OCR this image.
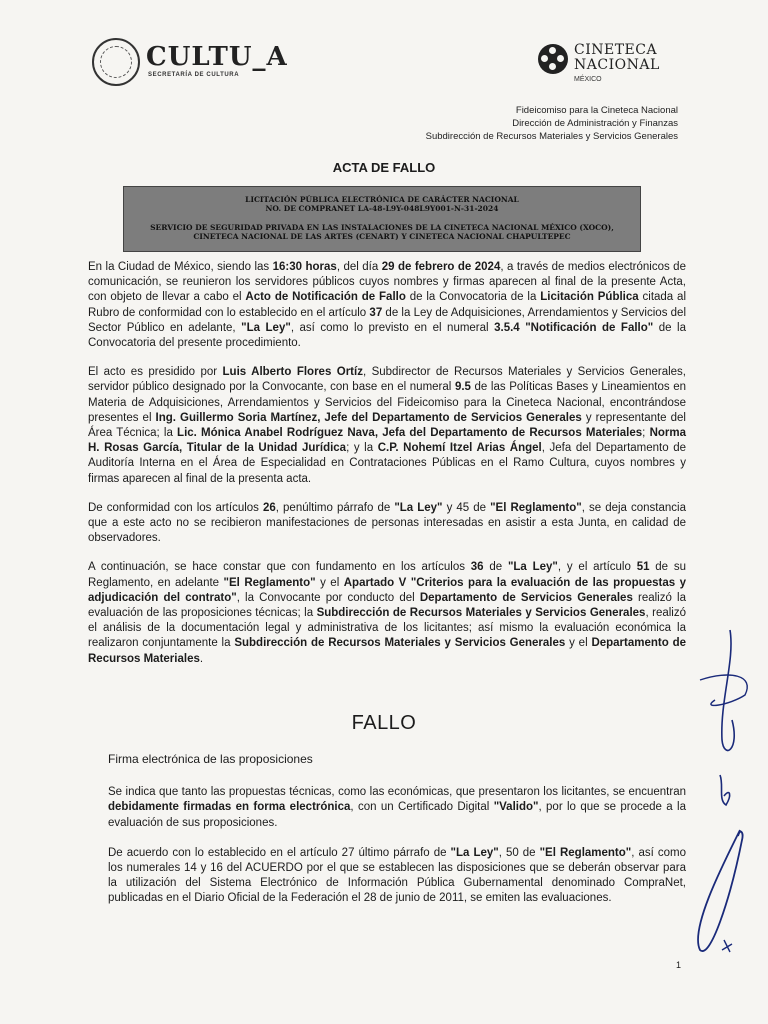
CULTU_A
SECRETARÍA DE CULTURA
CINETECA
NACIONAL
MÉXICO
Fideicomiso para la Cineteca Nacional
Dirección de Administración y Finanzas
Subdirección de Recursos Materiales y Servicios Generales
ACTA DE FALLO
LICITACIÓN PÚBLICA ELECTRÓNICA DE CARÁCTER NACIONAL
NO. DE COMPRANET LA-48-L9Y-048L9Y001-N-31-2024
SERVICIO DE SEGURIDAD PRIVADA EN LAS INSTALACIONES DE LA CINETECA NACIONAL MÉXICO (XOCO),
CINETECA NACIONAL DE LAS ARTES (CENART) Y CINETECA NACIONAL CHAPULTEPEC

En la Ciudad de México, siendo las 16:30 horas, del día 29 de febrero de 2024, a través de medios electrónicos de comunicación, se reunieron los servidores públicos cuyos nombres y firmas aparecen al final de la presente Acta, con objeto de llevar a cabo el Acto de Notificación de Fallo de la Convocatoria de la Licitación Pública citada al Rubro de conformidad con lo establecido en el artículo 37 de la Ley de Adquisiciones, Arrendamientos y Servicios del Sector Público en adelante, "La Ley", así como lo previsto en el numeral 3.5.4 "Notificación de Fallo" de la Convocatoria del presente procedimiento.

El acto es presidido por Luis Alberto Flores Ortíz, Subdirector de Recursos Materiales y Servicios Generales, servidor público designado por la Convocante, con base en el numeral 9.5 de las Políticas Bases y Lineamientos en Materia de Adquisiciones, Arrendamientos y Servicios del Fideicomiso para la Cineteca Nacional, encontrándose presentes el Ing. Guillermo Soria Martínez, Jefe del Departamento de Servicios Generales y representante del Área Técnica; la Lic. Mónica Anabel Rodríguez Nava, Jefa del Departamento de Recursos Materiales; Norma H. Rosas García, Titular de la Unidad Jurídica; y la C.P. Nohemí Itzel Arias Ángel, Jefa del Departamento de Auditoría Interna en el Área de Especialidad en Contrataciones Públicas en el Ramo Cultura, cuyos nombres y firmas aparecen al final de la presenta acta.

De conformidad con los artículos 26, penúltimo párrafo de "La Ley" y 45 de "El Reglamento", se deja constancia que a este acto no se recibieron manifestaciones de personas interesadas en asistir a esta Junta, en calidad de observadores.

A continuación, se hace constar que con fundamento en los artículos 36 de "La Ley", y el artículo 51 de su Reglamento, en adelante "El Reglamento" y el Apartado V "Criterios para la evaluación de las propuestas y adjudicación del contrato", la Convocante por conducto del Departamento de Servicios Generales realizó la evaluación de las proposiciones técnicas; la Subdirección de Recursos Materiales y Servicios Generales, realizó el análisis de la documentación legal y administrativa de los licitantes; así mismo la evaluación económica la realizaron conjuntamente la Subdirección de Recursos Materiales y Servicios Generales y el Departamento de Recursos Materiales.

FALLO
Firma electrónica de las proposiciones

Se indica que tanto las propuestas técnicas, como las económicas, que presentaron los licitantes, se encuentran debidamente firmadas en forma electrónica, con un Certificado Digital "Valido", por lo que se procede a la evaluación de sus proposiciones.

De acuerdo con lo establecido en el artículo 27 último párrafo de "La Ley", 50 de "El Reglamento", así como los numerales 14 y 16 del ACUERDO por el que se establecen las disposiciones que se deberán observar para la utilización del Sistema Electrónico de Información Pública Gubernamental denominado CompraNet, publicadas en el Diario Oficial de la Federación el 28 de junio de 2011, se emiten las evaluaciones.

1
